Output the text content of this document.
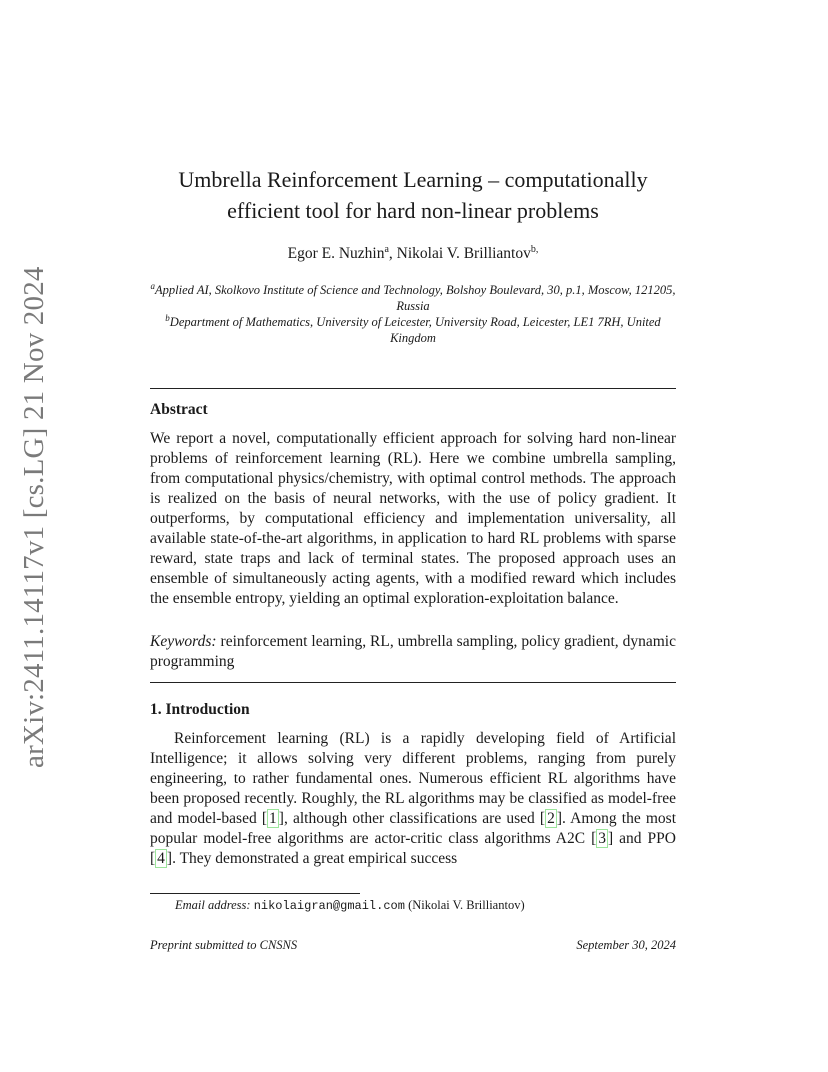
arXiv:2411.14117v1 [cs.LG] 21 Nov 2024
Umbrella Reinforcement Learning – computationally
efficient tool for hard non-linear problems
Egor E. Nuzhin$^a$, Nikolai V. Brilliantov$^{b,}$
$^a$Applied AI, Skolkovo Institute of Science and Technology, Bolshoy Boulevard, 30, p.1, Moscow, 121205, Russia
$^b$Department of Mathematics, University of Leicester, University Road, Leicester, LE1 7RH, United Kingdom
Abstract
We report a novel, computationally efficient approach for solving hard non-linear problems of reinforcement learning (RL). Here we combine umbrella sampling, from computational physics/chemistry, with optimal control methods. The approach is realized on the basis of neural networks, with the use of policy gradient. It outperforms, by computational efficiency and implementation universality, all available state-of-the-art algorithms, in application to hard RL problems with sparse reward, state traps and lack of terminal states. The proposed approach uses an ensemble of simultaneously acting agents, with a modified reward which includes the ensemble entropy, yielding an optimal exploration-exploitation balance.
Keywords: reinforcement learning, RL, umbrella sampling, policy gradient, dynamic programming
1. Introduction
Reinforcement learning (RL) is a rapidly developing field of Artificial Intelligence; it allows solving very different problems, ranging from purely engineering, to rather fundamental ones. Numerous efficient RL algorithms have been proposed recently. Roughly, the RL algorithms may be classified as model-free and model-based [ 1 ], although other classifications are used [ 2 ]. Among the most popular model-free algorithms are actor-critic class algorithms A2C [ 3 ] and PPO [ 4 ]. They demonstrated a great empirical success
Email address: nikolaigran@gmail.com (Nikolai V. Brilliantov)
Preprint submitted to CNSNS	September 30, 2024
